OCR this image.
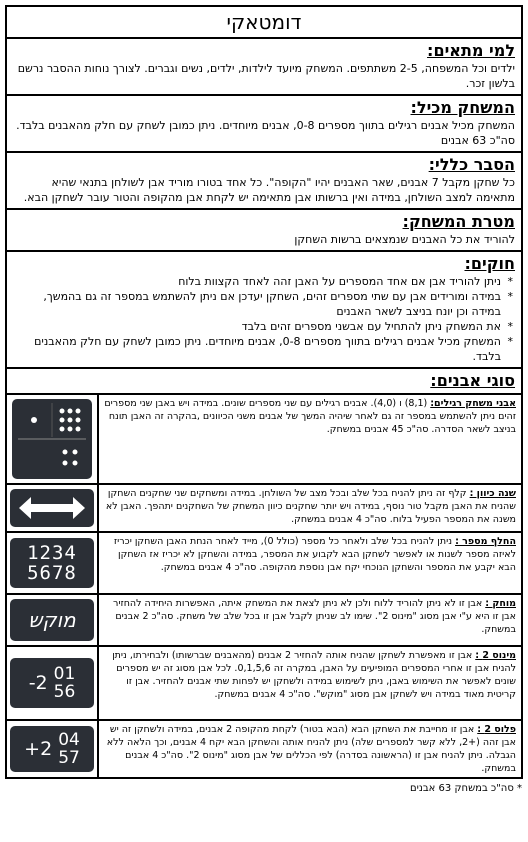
דומטאקי
למי מתאים:

ילדים וכל המשפחה, 2-5 משתתפים. המשחק מיועד לילדות, ילדים, נשים וגברים. לצורך נוחות ההסבר נרשם בלשון זכר.

המשחק מכיל:

המשחק מכיל אבנים רגילים בתווך מספרים 0-8, אבנים מיוחדים. ניתן כמובן לשחק עם חלק מהאבנים בלבד. סה"כ 63 אבנים

הסבר כללי:

כל שחקן מקבל 7 אבנים, שאר האבנים יהיו "הקופה". כל אחד בטורו מוריד אבן לשולחן בתנאי שהיא מתאימה למצב השולחן, במידה ואין ברשותו אבן מתאימה יש לקחת אבן מהקופה והטור עובר לשחקן הבא.

מטרת המשחק:

להוריד את כל האבנים שנמצאים ברשות השחקן

חוקים:
* ניתן להוריד אבן אם אחד המספרים על האבן זהה לאחד הקצוות בלוח
* במידה ומורידים אבן עם שתי מספרים זהים, השחקן יעדכן אם ניתן להשתמש במספר זה גם בהמשך, במידה וכן יונח בניצב לשאר האבנים
* את המשחק ניתן להתחיל עם אבשני מספרים זהים בלבד
* המשחק מכיל אבנים רגילים בתווך מספרים 0-8, אבנים מיוחדים. ניתן כמובן לשחק עם חלק מהאבנים בלבד.
סוגי אבנים:
אבני משחק רגילים: (8,1) ו (4,0). אבנים רגילים עם שני מספרים שונים. במידה ויש באבן שני מספרים זהים ניתן להשתמש במספר זה גם לאחר שיהיה המשך של אבנים משני הכיוונים ,בהקרה זה האבן תונח בניצב לשאר הסדרה. סה"כ 45 אבנים במשחק.
שנה כיוון : קלף זה ניתן להניח בכל שלב ובכל מצב של השולחן. במידה ומשחקים שני שחקנים השחקן שהניח את האבן מקבל טור נוסף, במידה ויש יותר שחקנים כיוון המשחק של השחקנים יתהפך. האבן לא משנה את המספר הפעיל בלוח. סה"כ 4 אבנים במשחק.
החלף מספר : ניתן להניח בכל שלב ולאחר כל מספר (כולל 0), מייד לאחר הנחת האבן השחקן יכריז לאיזה מספר לשנות או לאפשר לשחקן הבא לקבוע את המספר, במידה והשחקן לא יכריז אז השחקן הבא יקבע את המספר והשחקן הנוכחי יקח אבן נוספת מהקופה. סה"כ 4 אבנים במשחק.
1234
5678
מוחק : אבן זו לא ניתן להוריד ללוח ולכן לא ניתן לצאת את המשחק איתה, האפשרות היחידה להחזיר אבן זו היא ע"י אבן מסוג "מינוס 2". שימו לב שניתן לקבל אבן זו בכל שלב של משחק. סה"כ 2 אבנים במשחק.
מוקש
מינוס 2 : אבן זו מאפשרת לשחקן שהניח אותה להחזיר 2 אבנים (מהאבנים שברשותו) ולבחירתו, ניתן להניח אבן זו אחרי המספרים המופיעים על האבן, במקרה זה 0,1,5,6. לכל אבן מסוג זה יש מספרים שונים לאפשר את השימוש באבן, ניתן לשימוש במידה ולשחקן יש לפחות שתי אבנים להחזיר. אבן זו קריטית מאוד במידה ויש לשחקן אבן מסוג "מוקש". סה"כ 4 אבנים במשחק.
-2 01
56
פלוס 2 : אבן זו מחייבת את השחקן הבא (הבא בטור) לקחת מהקופה 2 אבנים, במידה ולשחקן זה יש אבן זהה (+2, ללא קשר למספרים שלה) ניתן להניח אותה והשחקן הבא יקח 4 אבנים, וכך הלאה ללא הגבלה. ניתן להניח אבן זו (הראשונה בסדרה) לפי הכללים של אבן מסוג "מינוס 2". סה"כ 4 אבנים במשחק.
+2 04
57
* סה"כ במשחק 63 אבנים
